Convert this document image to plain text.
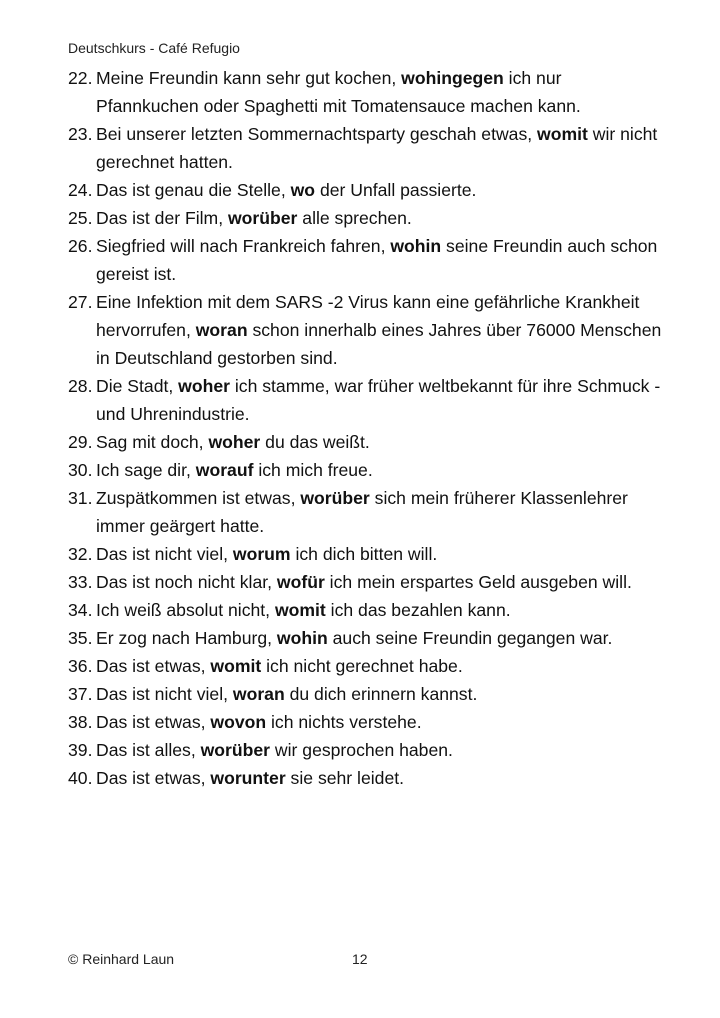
Deutschkurs - Café Refugio
22. Meine Freundin kann sehr gut kochen, wohingegen ich nur Pfannkuchen oder Spaghetti mit Tomatensauce machen kann.
23. Bei unserer letzten Sommernachtsparty geschah etwas, womit wir nicht gerechnet hatten.
24. Das ist genau die Stelle, wo der Unfall passierte.
25. Das ist der Film, worüber alle sprechen.
26. Siegfried will nach Frankreich fahren, wohin seine Freundin auch schon gereist ist.
27. Eine Infektion mit dem SARS -2 Virus kann eine gefährliche Krankheit hervorrufen, woran schon innerhalb eines Jahres über 76000 Menschen in Deutschland gestorben sind.
28. Die Stadt, woher ich stamme, war früher weltbekannt für ihre Schmuck - und Uhrenindustrie.
29. Sag mit doch, woher du das weißt.
30. Ich sage dir, worauf ich mich freue.
31. Zuspätkommen ist etwas, worüber sich mein früherer Klassenlehrer immer geärgert hatte.
32. Das ist nicht viel, worum ich dich bitten will.
33. Das ist noch nicht klar, wofür ich mein erspartes Geld ausgeben will.
34. Ich weiß absolut nicht, womit ich das bezahlen kann.
35. Er zog nach Hamburg, wohin auch seine Freundin gegangen war.
36. Das ist etwas, womit ich nicht gerechnet habe.
37. Das ist nicht viel, woran du dich erinnern kannst.
38. Das ist etwas, wovon ich nichts verstehe.
39. Das ist alles, worüber wir gesprochen haben.
40. Das ist etwas, worunter sie sehr leidet.
© Reinhard Laun	12
